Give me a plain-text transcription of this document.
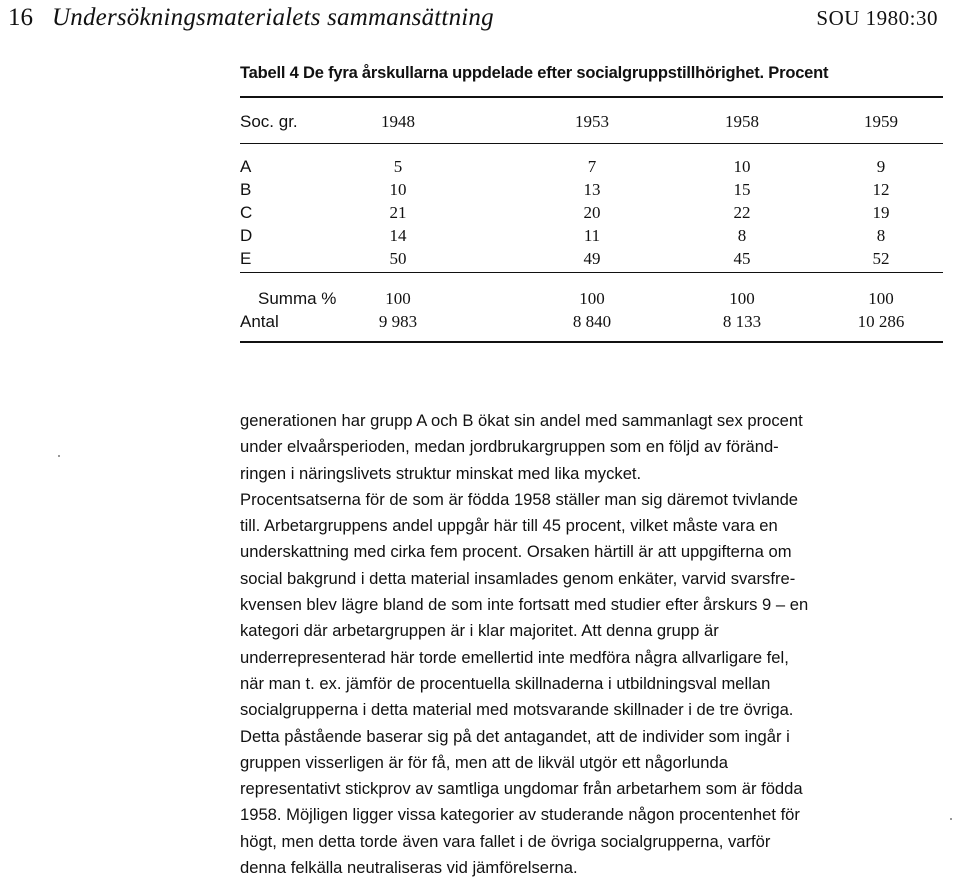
16 Undersökningsmaterialets sammansättning	SOU 1980:30
Tabell 4 De fyra årskullarna uppdelade efter socialgruppstillhörighet. Procent
Soc. gr.	1948	1953	1958	1959
A	5	7	10	9
B	10	13	15	12
C	21	20	22	19
D	14	11	8	8
E	50	49	45	52
Summa %	100	100	100	100
Antal	9 983	8 840	8 133	10 286

generationen har grupp A och B ökat sin andel med sammanlagt sex procent

under elvaårsperioden, medan jordbrukargruppen som en följd av föränd-

ringen i näringslivets struktur minskat med lika mycket.

Procentsatserna för de som är födda 1958 ställer man sig däremot tvivlande

till. Arbetargruppens andel uppgår här till 45 procent, vilket måste vara en

underskattning med cirka fem procent. Orsaken härtill är att uppgifterna om

social bakgrund i detta material insamlades genom enkäter, varvid svarsfre-

kvensen blev lägre bland de som inte fortsatt med studier efter årskurs 9 – en

kategori där arbetargruppen är i klar majoritet. Att denna grupp är

underrepresenterad här torde emellertid inte medföra några allvarligare fel,

när man t. ex. jämför de procentuella skillnaderna i utbildningsval mellan

socialgrupperna i detta material med motsvarande skillnader i de tre övriga.

Detta påstående baserar sig på det antagandet, att de individer som ingår i

gruppen visserligen är för få, men att de likväl utgör ett någorlunda

representativt stickprov av samtliga ungdomar från arbetarhem som är födda

1958. Möjligen ligger vissa kategorier av studerande någon procentenhet för

högt, men detta torde även vara fallet i de övriga socialgrupperna, varför

denna felkälla neutraliseras vid jämförelserna.
